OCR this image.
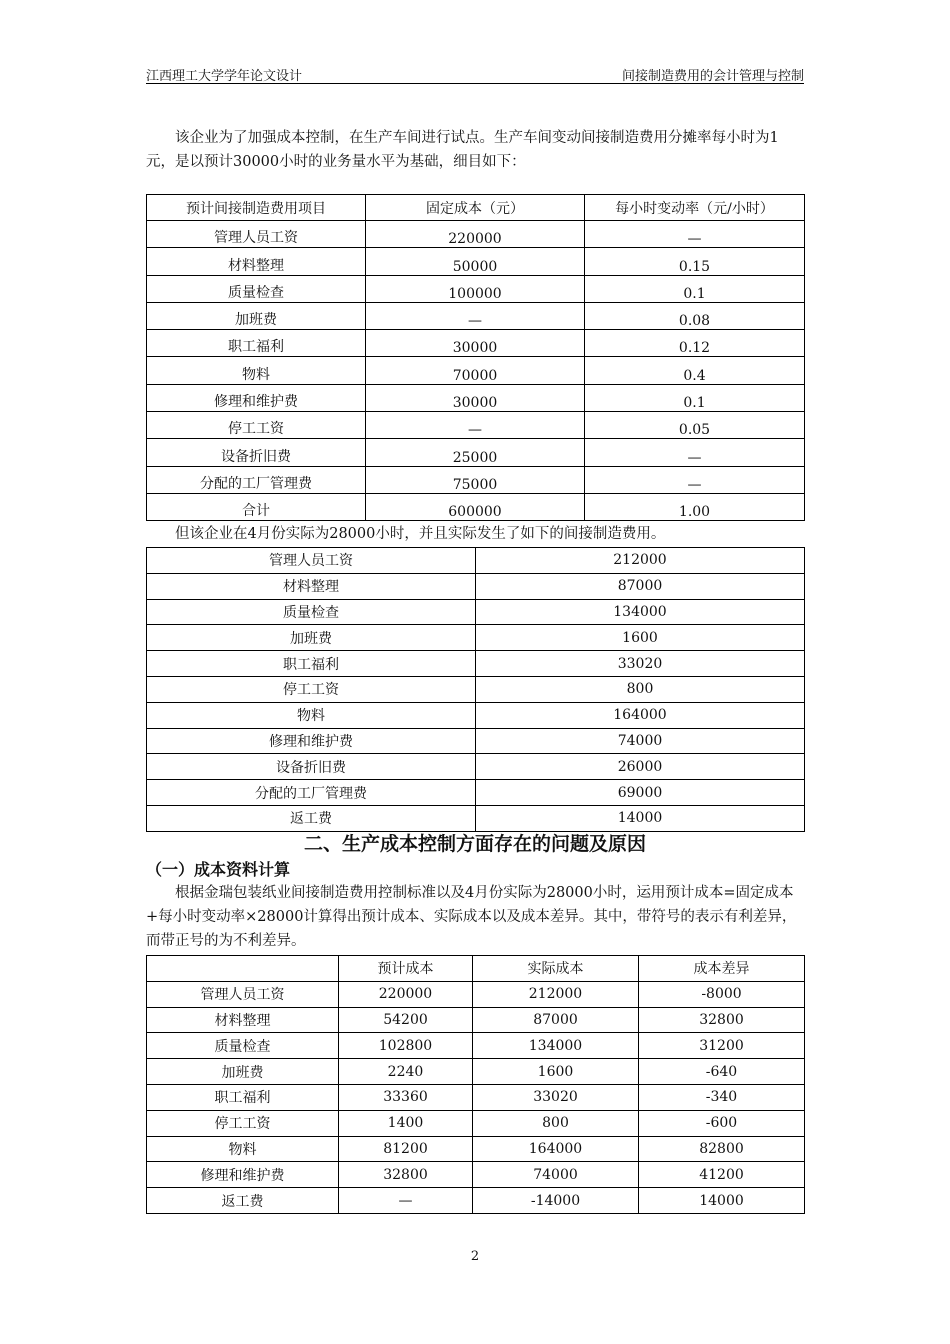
江西理工大学学年论文设计	间接制造费用的会计管理与控制

该企业为了加强成本控制，在生产车间进行试点。生产车间变动间接制造费用分摊率每小时为1元，是以预计30000小时的业务量水平为基础，细目如下：

预计间接制造费用项目	固定成本（元）	每小时变动率（元/小时）
管理人员工资	220000	—
材料整理	50000	0.15
质量检查	100000	0.1
加班费	—	0.08
职工福利	30000	0.12
物料	70000	0.4
修理和维护费	30000	0.1
停工工资	—	0.05
设备折旧费	25000	—
分配的工厂管理费	75000	—
合计	600000	1.00

但该企业在4月份实际为28000小时，并且实际发生了如下的间接制造费用。

管理人员工资	212000
材料整理	87000
质量检查	134000
加班费	1600
职工福利	33020
停工工资	800
物料	164000
修理和维护费	74000
设备折旧费	26000
分配的工厂管理费	69000
返工费	14000
二、生产成本控制方面存在的问题及原因
（一）成本资料计算

根据金瑞包装纸业间接制造费用控制标准以及4月份实际为28000小时，运用预计成本=固定成本+每小时变动率×28000计算得出预计成本、实际成本以及成本差异。其中，带符号的表示有利差异，而带正号的为不利差异。

	预计成本	实际成本	成本差异
管理人员工资	220000	212000	-8000
材料整理	54200	87000	32800
质量检查	102800	134000	31200
加班费	2240	1600	-640
职工福利	33360	33020	-340
停工工资	1400	800	-600
物料	81200	164000	82800
修理和维护费	32800	74000	41200
返工费	—	-14000	14000
2
